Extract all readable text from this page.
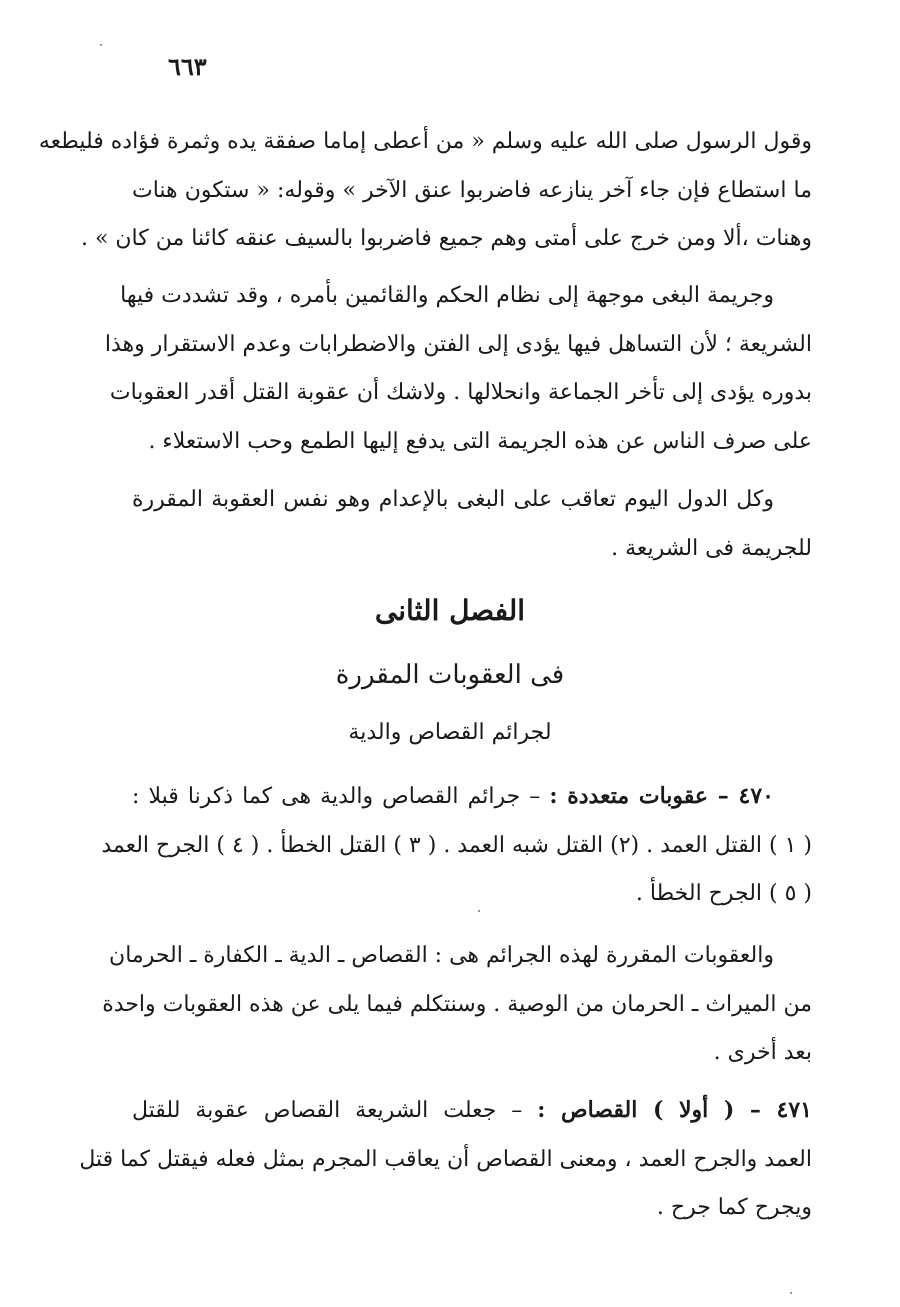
٦٦٣
وقول الرسول صلى الله عليه وسلم « من أعطى إماما صفقة يده وثمرة فؤاده فليطعه
ما استطاع فإن جاء آخر ينازعه فاضربوا عنق الآخر » وقوله: « ستكون هنات
وهنات ،ألا ومن خرج على أمتى وهم جميع فاضربوا بالسيف عنقه كائنا من كان » .
وجريمة البغى موجهة إلى نظام الحكم والقائمين بأمره ، وقد تشددت فيها
الشريعة ؛ لأن التساهل فيها يؤدى إلى الفتن والاضطرابات وعدم الاستقرار وهذا
بدوره يؤدى إلى تأخر الجماعة وانحلالها . ولاشك أن عقوبة القتل أقدر العقوبات
على صرف الناس عن هذه الجريمة التى يدفع إليها الطمع وحب الاستعلاء .
وكل الدول اليوم تعاقب على البغى بالإعدام وهو نفس العقوبة المقررة
للجريمة فى الشريعة .
الفصل الثانى
فى العقوبات المقررة
لجرائم القصاص والدية
٤٧٠ – عقوبات متعددة : – جرائم القصاص والدية هى كما ذكرنا قبلا :
( ١ ) القتل العمد . (٢) القتل شبه العمد . ( ٣ ) القتل الخطأ . ( ٤ ) الجرح العمد
( ٥ ) الجرح الخطأ .
والعقوبات المقررة لهذه الجرائم هى : القصاص ـ الدية ـ الكفارة ـ الحرمان
من الميراث ـ الحرمان من الوصية . وسنتكلم فيما يلى عن هذه العقوبات واحدة
بعد أخرى .
٤٧١ – ( أولا ) القصاص : – جعلت الشريعة القصاص عقوبة للقتل
العمد والجرح العمد ، ومعنى القصاص أن يعاقب المجرم بمثل فعله فيقتل كما قتل
ويجرح كما جرح .
